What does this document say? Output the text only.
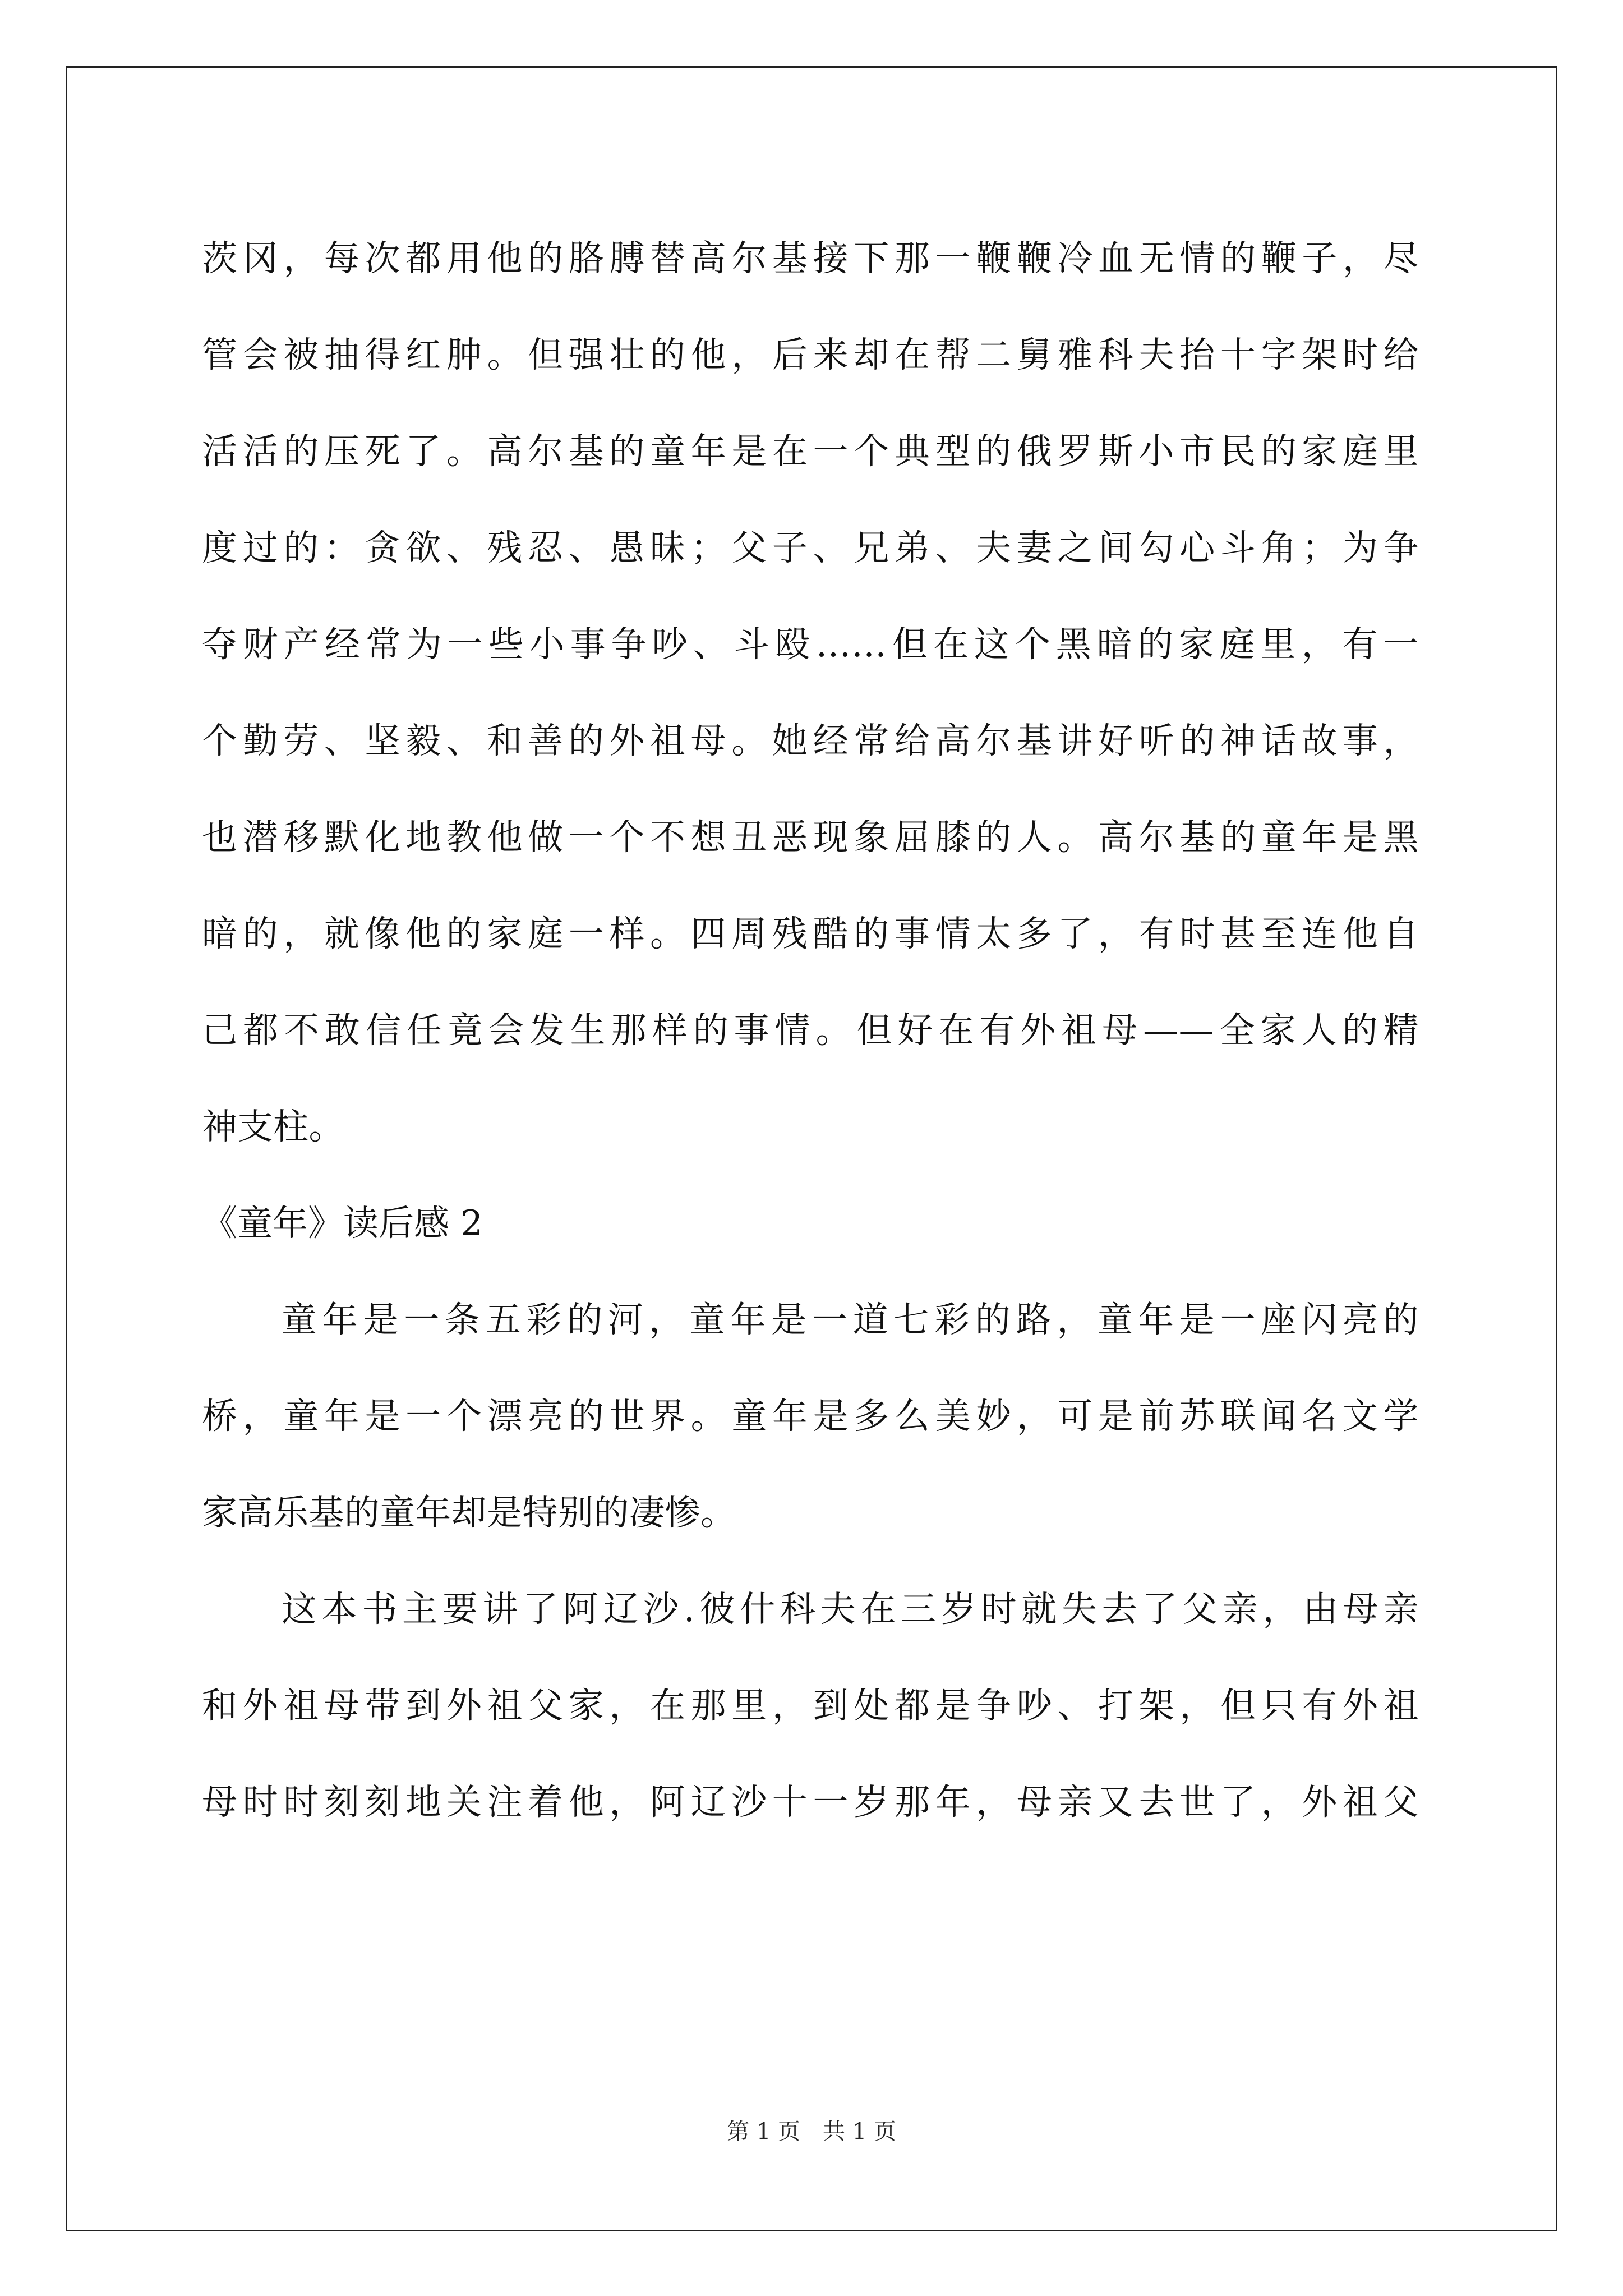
茨冈，每次都用他的胳膊替高尔基接下那一鞭鞭冷血无情的鞭子，尽
管会被抽得红肿。但强壮的他，后来却在帮二舅雅科夫抬十字架时给
活活的压死了。高尔基的童年是在一个典型的俄罗斯小市民的家庭里
度过的：贪欲、残忍、愚昧；父子、兄弟、夫妻之间勾心斗角；为争
夺财产经常为一些小事争吵、斗殴……但在这个黑暗的家庭里，有一
个勤劳、坚毅、和善的外祖母。她经常给高尔基讲好听的神话故事，
也潜移默化地教他做一个不想丑恶现象屈膝的人。高尔基的童年是黑
暗的，就像他的家庭一样。四周残酷的事情太多了，有时甚至连他自
己都不敢信任竟会发生那样的事情。但好在有外祖母——全家人的精
神支柱。
《童年》读后感 2
童年是一条五彩的河，童年是一道七彩的路，童年是一座闪亮的
桥，童年是一个漂亮的世界。童年是多么美妙，可是前苏联闻名文学
家高乐基的童年却是特别的凄惨。
这本书主要讲了阿辽沙.彼什科夫在三岁时就失去了父亲，由母亲
和外祖母带到外祖父家，在那里，到处都是争吵、打架，但只有外祖
母时时刻刻地关注着他，阿辽沙十一岁那年，母亲又去世了，外祖父
第 1 页　共 1 页
